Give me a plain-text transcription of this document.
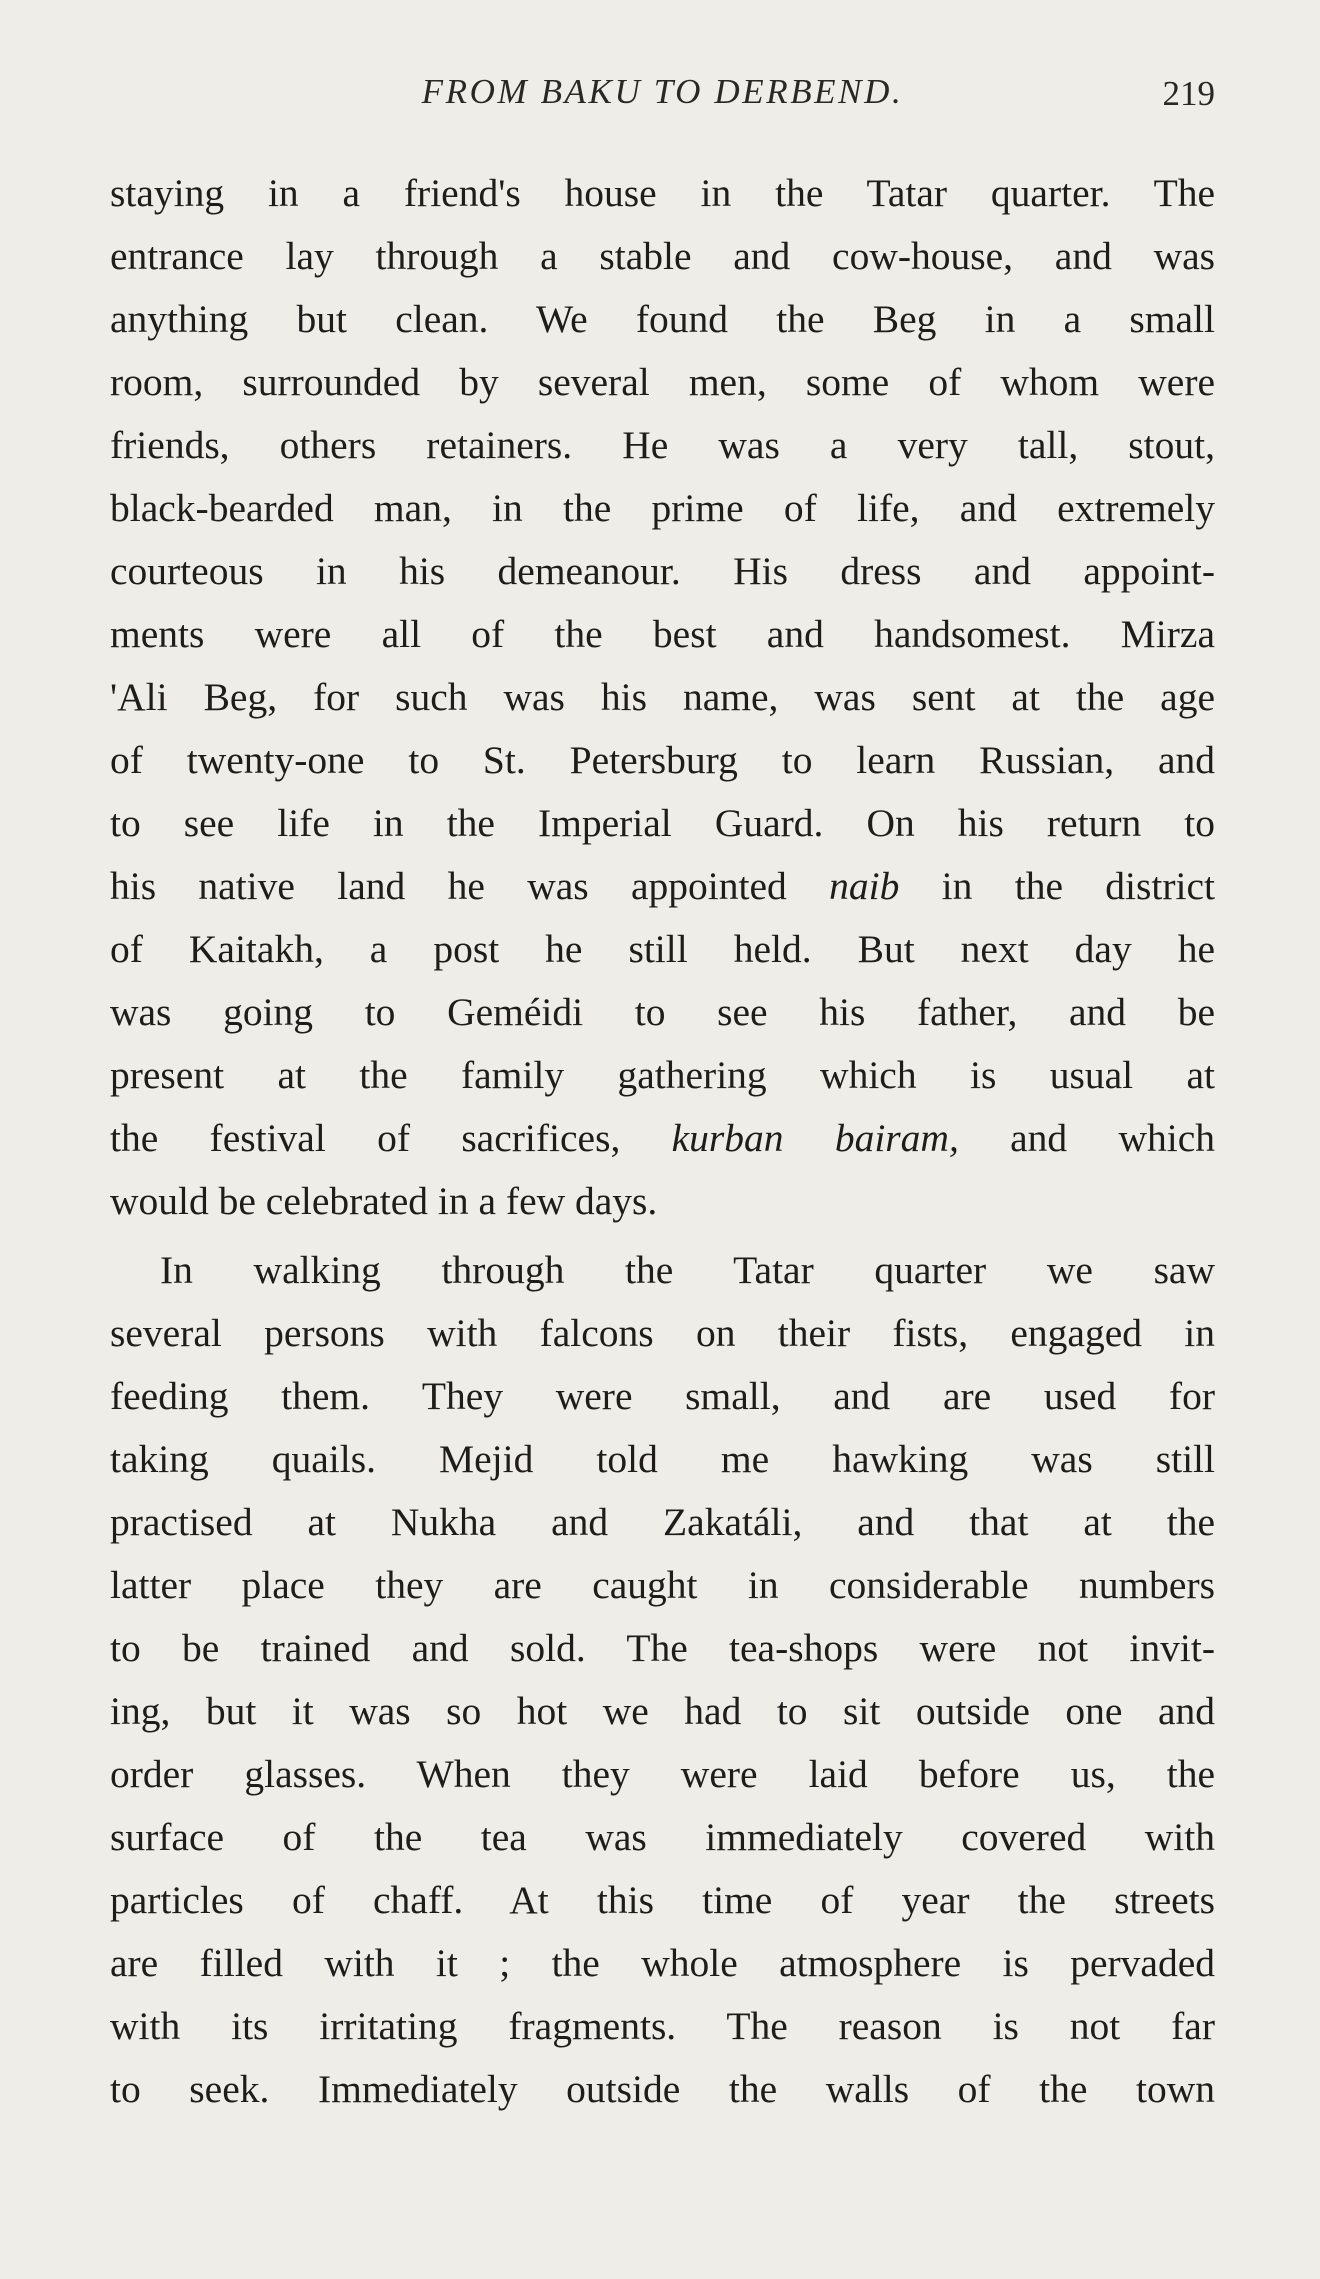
FROM BAKU TO DERBEND.	219
staying in a friend's house in the Tatar quarter. The
entrance lay through a stable and cow-house, and was
anything but clean. We found the Beg in a small
room, surrounded by several men, some of whom were
friends, others retainers. He was a very tall, stout,
black-bearded man, in the prime of life, and extremely
courteous in his demeanour. His dress and appoint-
ments were all of the best and handsomest. Mirza
'Ali Beg, for such was his name, was sent at the age
of twenty-one to St. Petersburg to learn Russian, and
to see life in the Imperial Guard. On his return to
his native land he was appointed naib in the district
of Kaitakh, a post he still held. But next day he
was going to Geméidi to see his father, and be
present at the family gathering which is usual at
the festival of sacrifices, kurban bairam, and which
would be celebrated in a few days.
In walking through the Tatar quarter we saw
several persons with falcons on their fists, engaged in
feeding them. They were small, and are used for
taking quails. Mejid told me hawking was still
practised at Nukha and Zakatáli, and that at the
latter place they are caught in considerable numbers
to be trained and sold. The tea-shops were not invit-
ing, but it was so hot we had to sit outside one and
order glasses. When they were laid before us, the
surface of the tea was immediately covered with
particles of chaff. At this time of year the streets
are filled with it ; the whole atmosphere is pervaded
with its irritating fragments. The reason is not far
to seek. Immediately outside the walls of the town
